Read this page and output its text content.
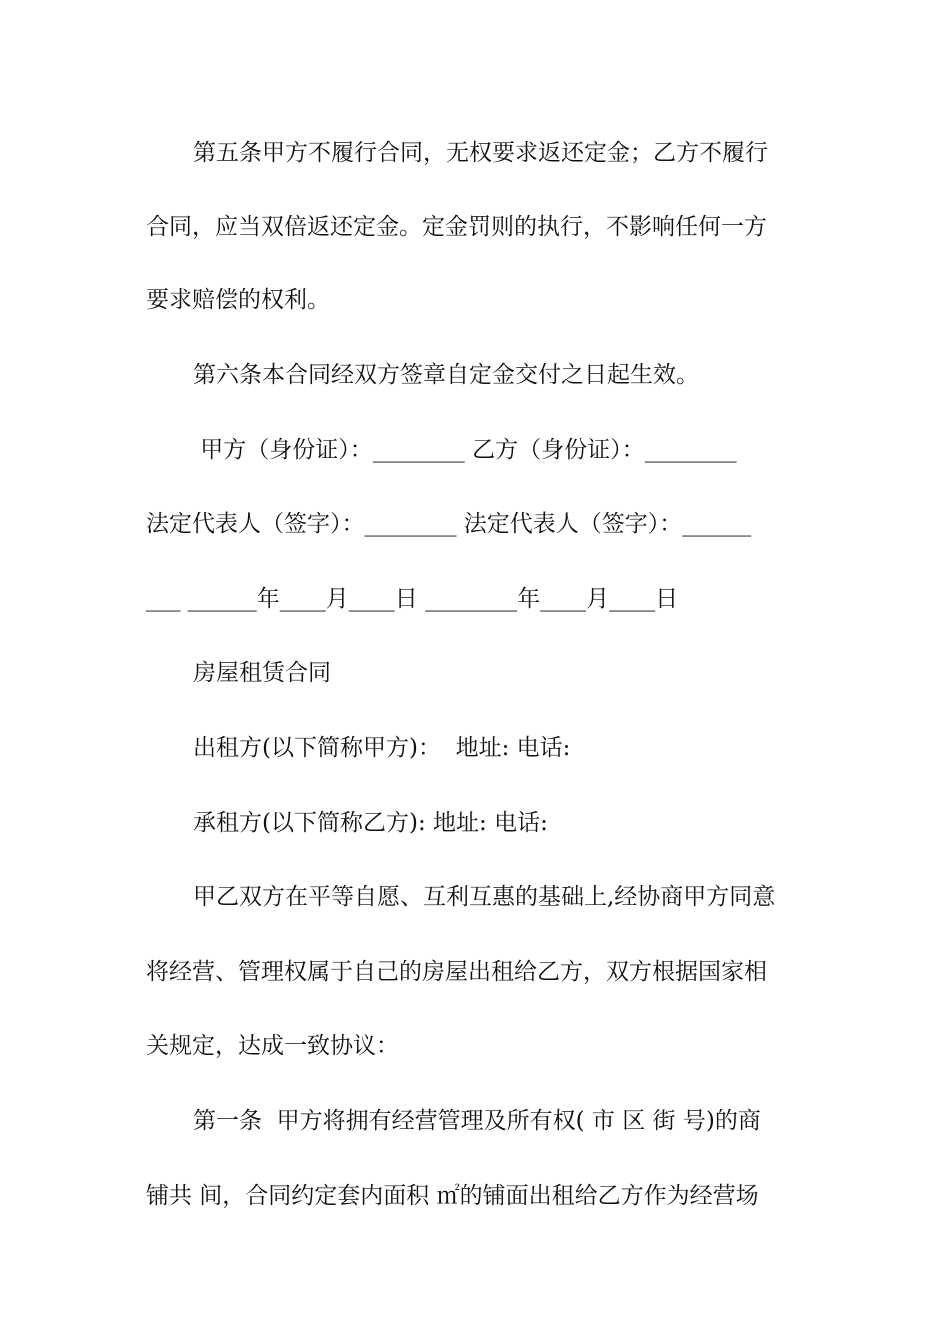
第五条甲方不履行合同，无权要求返还定金；乙方不履行
合同，应当双倍返还定金。定金罚则的执行，不影响任何一方
要求赔偿的权利。
第六条本合同经双方签章自定金交付之日起生效。
甲方（身份证）：________ 乙方（身份证）：________
法定代表人（签字）：________ 法定代表人（签字）：______
___ ______年____月____日 ________年____月____日
房屋租赁合同
出租方(以下简称甲方)：  地址: 电话:
承租方(以下简称乙方): 地址: 电话:
甲乙双方在平等自愿、互利互惠的基础上,经协商甲方同意
将经营、管理权属于自己的房屋出租给乙方，双方根据国家相
关规定，达成一致协议：
第一条  甲方将拥有经营管理及所有权( 市 区 街 号)的商
铺共 间，合同约定套内面积 ㎡的铺面出租给乙方作为经营场
